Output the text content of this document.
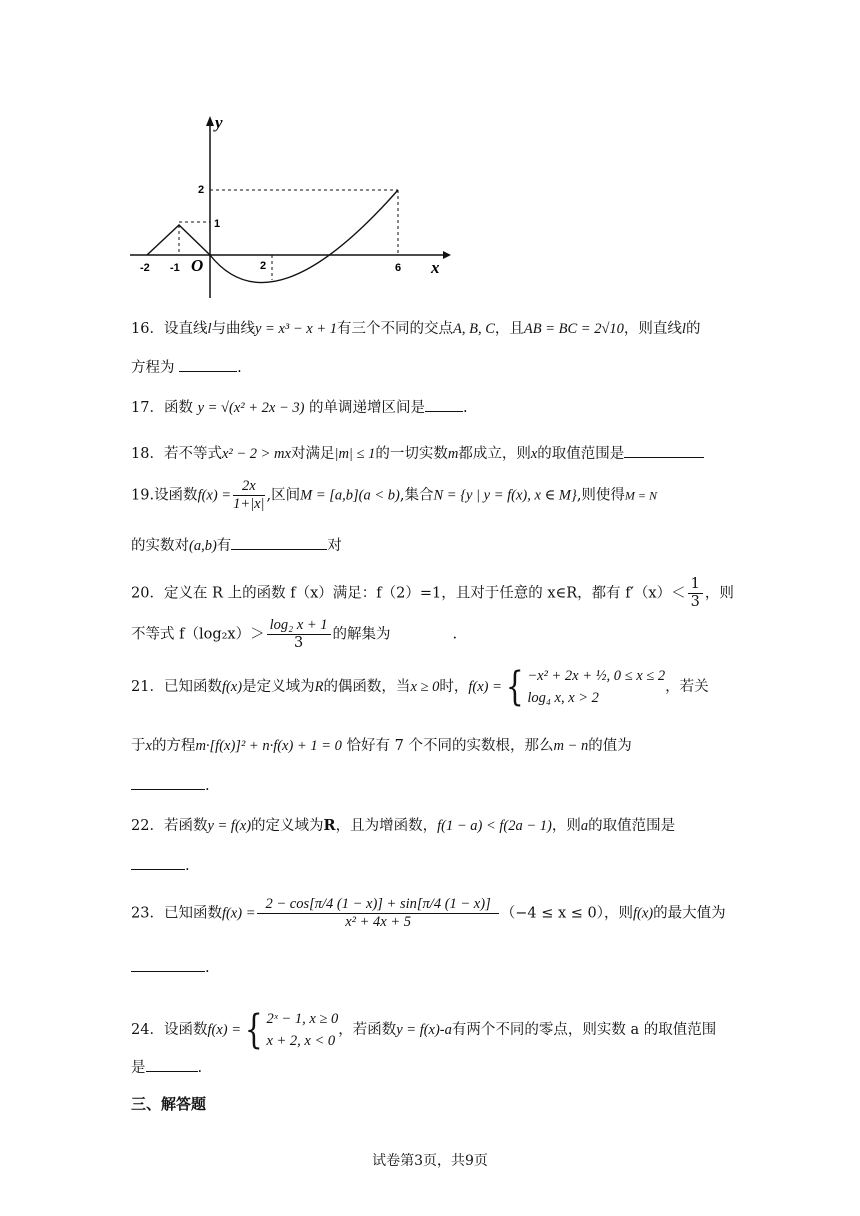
y
x
O
-2 -1	2	6
2
1
16．设直线l与曲线y = x³ − x + 1有三个不同的交点A, B, C，且AB = BC = 2√10，则直线l的
方程为	.
17．函数 y = √(x² + 2x − 3) 的单调递增区间是	.
18．若不等式x² − 2 > mx对满足|m| ≤ 1的一切实数m都成立，则x的取值范围是
19.设函数$f(x) = \frac{2x}{1+|x|}$ ,区间M = [a,b](a < b),集合N = {y | y = f(x), x ∈ M},则使得M = N
的实数对(a,b)有	对
20．定义在 R 上的函数 f（x）满足：f（2）=1，且对于任意的 x∈R，都有 $f'(x)< \frac{1}{3}$ ，则
不等式 $f(\log_2x)> \frac{\text{log₂ x + 1}}{3}$ 的解集为	.
21．已知函数f(x)是定义域为R的偶函数，当x ≥ 0时，f(x) ={ −x² + 2x + ½, 0 ≤ x ≤ 2
log₄ x, x > 2
，若关
于x的方程m·[f(x)]² + n·f(x) + 1 = 0 恰好有 7 个不同的实数根，那么m − n的值为
.
22．若函数y = f(x)的定义域为R，且为增函数，f(1 − a) < f(2a − 1)，则a的取值范围是
.
23．已知函数$f(x) = \frac{2 - \cos[\pi/4 (1 - x)] + \sin[\pi/4 (1 - x)]}{\text{x² + 4x + 5}} (-4 \le x \le 0)$，则f(x)的最大值为
.
24．设函数f(x) ={ 2ˣ − 1, x ≥ 0
x + 2, x < 0
，若函数y = f(x)-a有两个不同的零点，则实数 a 的取值范围
是	.
三、解答题
试卷第3页，共9页
